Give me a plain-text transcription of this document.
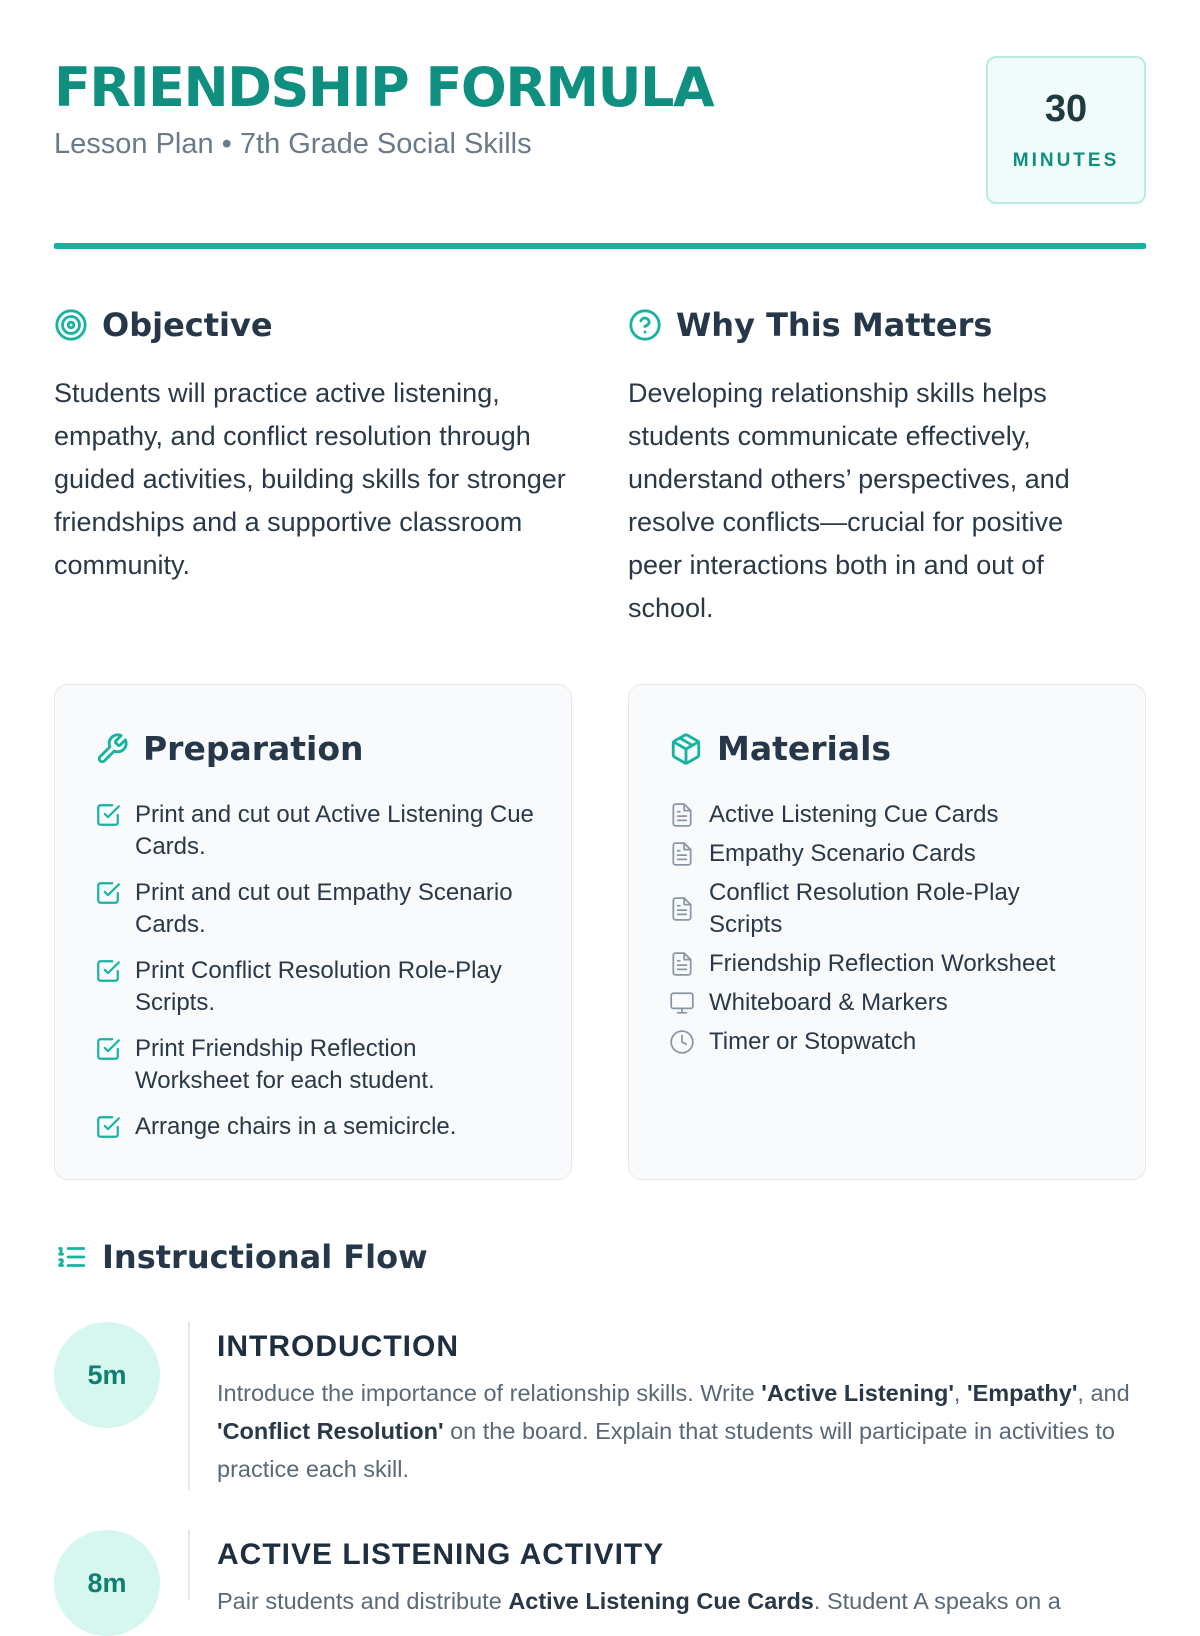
FRIENDSHIP FORMULA
Lesson Plan • 7th Grade Social Skills
30
MINUTES
Objective
Students will practice active listening, empathy, and conflict resolution through guided activities, building skills for stronger friendships and a supportive classroom community.
Why This Matters
Developing relationship skills helps students communicate effectively, understand others’ perspectives, and resolve conflicts—crucial for positive peer interactions both in and out of school.
Preparation
Print and cut out Active Listening Cue Cards.
Print and cut out Empathy Scenario Cards.
Print Conflict Resolution Role-Play Scripts.
Print Friendship Reflection Worksheet for each student.
Arrange chairs in a semicircle.
Materials
Active Listening Cue Cards
Empathy Scenario Cards
Conflict Resolution Role-Play Scripts
Friendship Reflection Worksheet
Whiteboard & Markers
Timer or Stopwatch
Instructional Flow
5m
INTRODUCTION
Introduce the importance of relationship skills. Write 'Active Listening', 'Empathy', and 'Conflict Resolution' on the board. Explain that students will participate in activities to practice each skill.
8m
ACTIVE LISTENING ACTIVITY
Pair students and distribute Active Listening Cue Cards. Student A speaks on a
